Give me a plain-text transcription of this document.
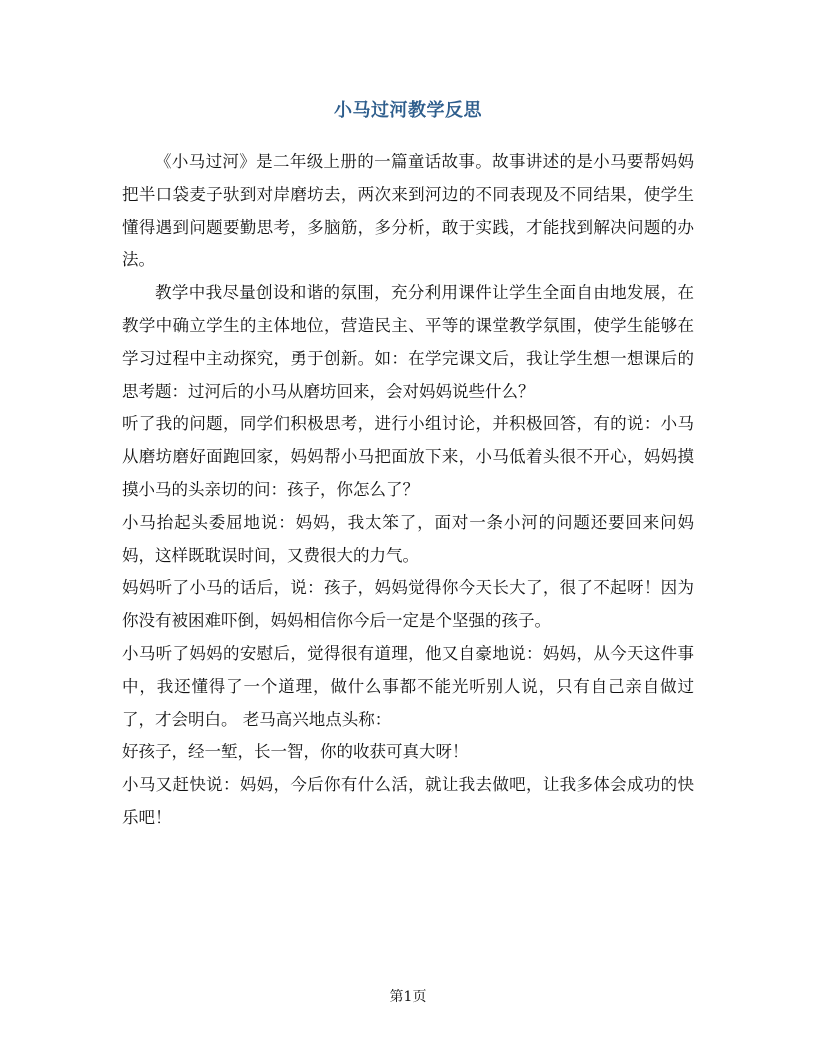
小马过河教学反思

《小马过河》是二年级上册的一篇童话故事。故事讲述的是小马要帮妈妈把半口袋麦子驮到对岸磨坊去，两次来到河边的不同表现及不同结果，使学生懂得遇到问题要勤思考，多脑筋，多分析，敢于实践，才能找到解决问题的办法。

教学中我尽量创设和谐的氛围，充分利用课件让学生全面自由地发展，在教学中确立学生的主体地位，营造民主、平等的课堂教学氛围，使学生能够在学习过程中主动探究，勇于创新。如：在学完课文后，我让学生想一想课后的思考题：过河后的小马从磨坊回来，会对妈妈说些什么？

听了我的问题，同学们积极思考，进行小组讨论，并积极回答，有的说：小马从磨坊磨好面跑回家，妈妈帮小马把面放下来，小马低着头很不开心，妈妈摸摸小马的头亲切的问：孩子，你怎么了？

小马抬起头委屈地说：妈妈，我太笨了，面对一条小河的问题还要回来问妈妈，这样既耽误时间，又费很大的力气。

妈妈听了小马的话后，说：孩子，妈妈觉得你今天长大了，很了不起呀！因为你没有被困难吓倒，妈妈相信你今后一定是个坚强的孩子。

小马听了妈妈的安慰后，觉得很有道理，他又自豪地说：妈妈，从今天这件事中，我还懂得了一个道理，做什么事都不能光听别人说，只有自己亲自做过了，才会明白。 老马高兴地点头称：

好孩子，经一堑，长一智，你的收获可真大呀！

小马又赶快说：妈妈，今后你有什么活，就让我去做吧，让我多体会成功的快乐吧！

第1页
